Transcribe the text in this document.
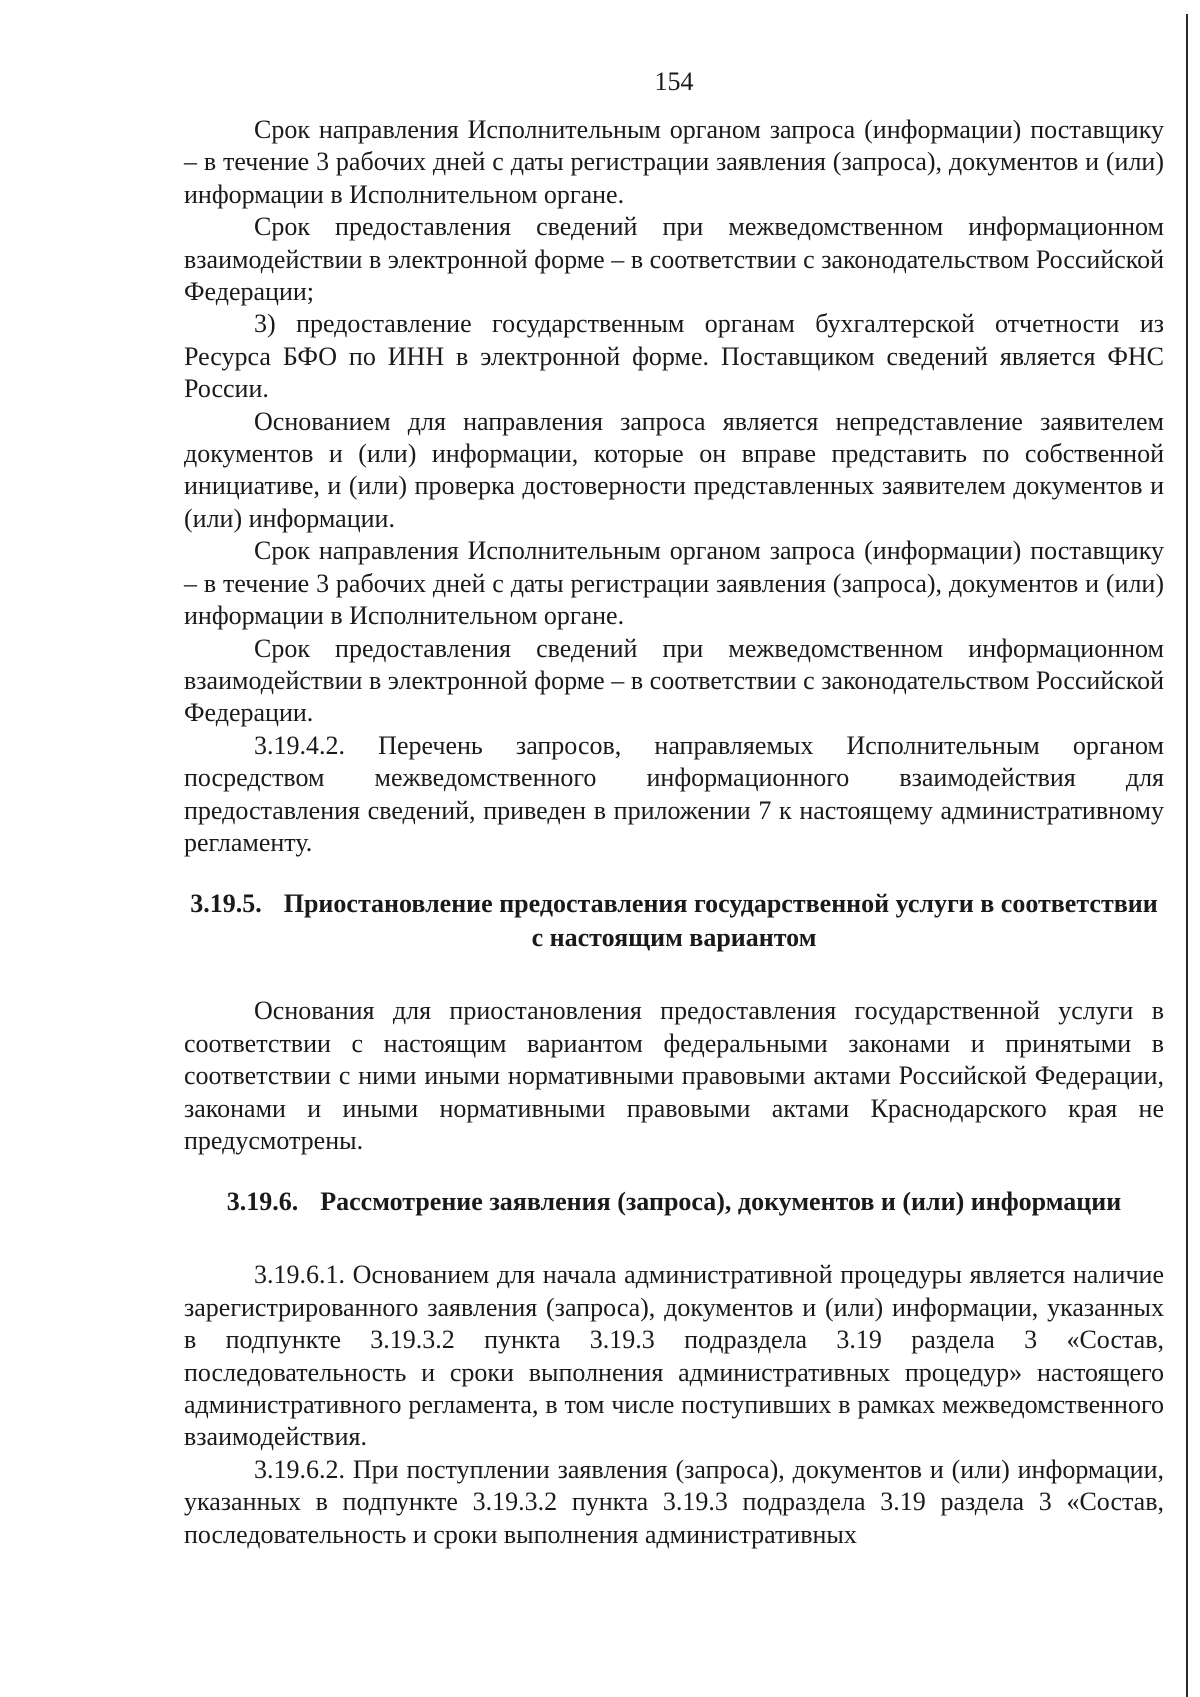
154

Срок направления Исполнительным органом запроса (информации) поставщику – в течение 3 рабочих дней с даты регистрации заявления (запроса), документов и (или) информации в Исполнительном органе.

Срок предоставления сведений при межведомственном информационном взаимодействии в электронной форме – в соответствии с законодательством Российской Федерации;

3) предоставление государственным органам бухгалтерской отчетности из Ресурса БФО по ИНН в электронной форме. Поставщиком сведений является ФНС России.

Основанием для направления запроса является непредставление заявителем документов и (или) информации, которые он вправе представить по собственной инициативе, и (или) проверка достоверности представленных заявителем документов и (или) информации.

Срок направления Исполнительным органом запроса (информации) поставщику – в течение 3 рабочих дней с даты регистрации заявления (запроса), документов и (или) информации в Исполнительном органе.

Срок предоставления сведений при межведомственном информационном взаимодействии в электронной форме – в соответствии с законодательством Российской Федерации.

3.19.4.2. Перечень запросов, направляемых Исполнительным органом посредством межведомственного информационного взаимодействия для предоставления сведений, приведен в приложении 7 к настоящему административному регламенту.

3.19.5. Приостановление предоставления государственной услуги в соответствии с настоящим вариантом

Основания для приостановления предоставления государственной услуги в соответствии с настоящим вариантом федеральными законами и принятыми в соответствии с ними иными нормативными правовыми актами Российской Федерации, законами и иными нормативными правовыми актами Краснодарского края не предусмотрены.

3.19.6. Рассмотрение заявления (запроса), документов и (или) информации

3.19.6.1. Основанием для начала административной процедуры является наличие зарегистрированного заявления (запроса), документов и (или) информации, указанных в подпункте 3.19.3.2 пункта 3.19.3 подраздела 3.19 раздела 3 «Состав, последовательность и сроки выполнения административных процедур» настоящего административного регламента, в том числе поступивших в рамках межведомственного взаимодействия.

3.19.6.2. При поступлении заявления (запроса), документов и (или) информации, указанных в подпункте 3.19.3.2 пункта 3.19.3 подраздела 3.19 раздела 3 «Состав, последовательность и сроки выполнения административных
